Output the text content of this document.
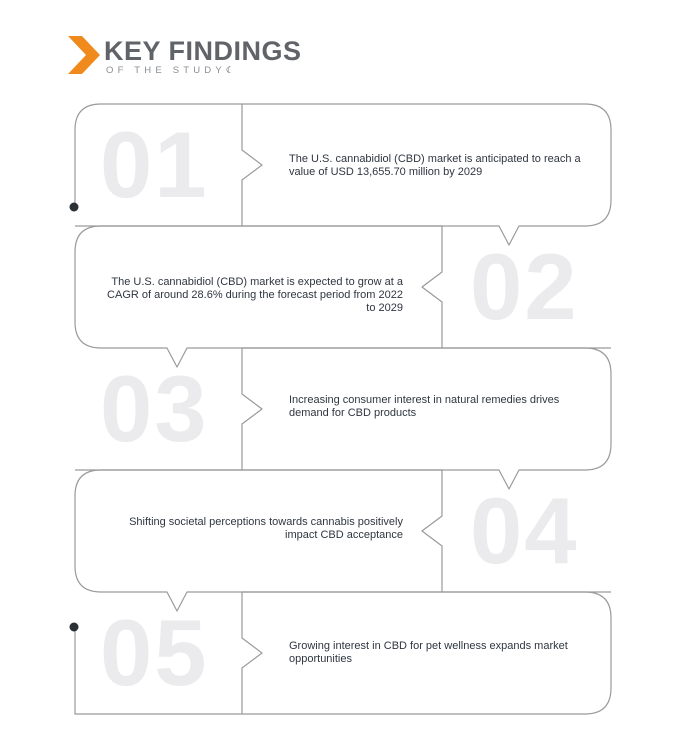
KEY FINDINGS
OF THE STUDY☾
01	The U.S. cannabidiol (CBD) market is anticipated to reach a value of USD 13,655.70 million by 2029
02
The U.S. cannabidiol (CBD) market is expected to grow at a CAGR of around 28.6% during the forecast period from 2022 to 2029
03	Increasing consumer interest in natural remedies drives demand for CBD products
04
Shifting societal perceptions towards cannabis positively impact CBD acceptance
05	Growing interest in CBD for pet wellness expands market opportunities
